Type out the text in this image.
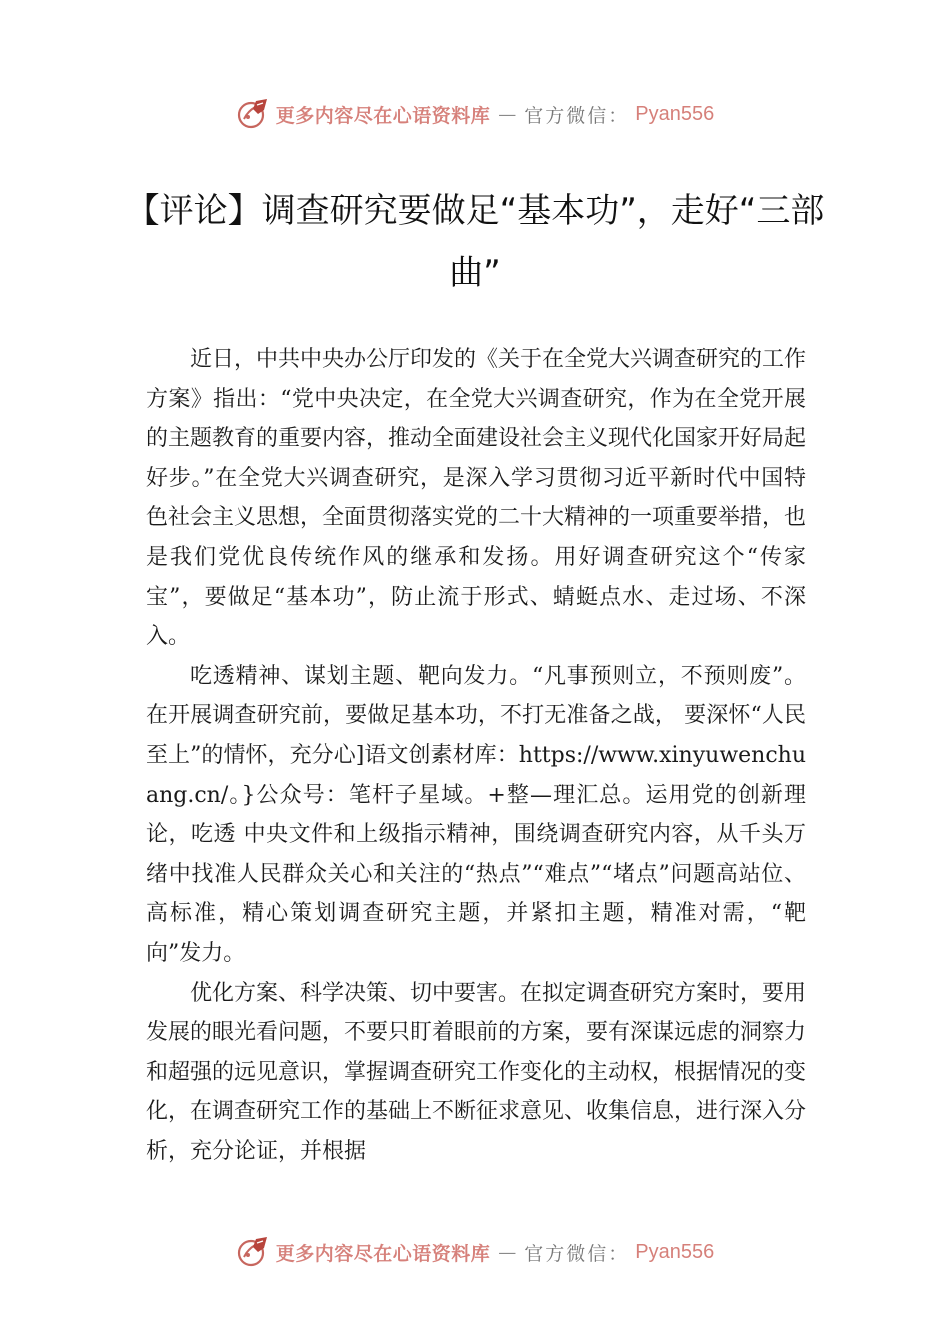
更多内容尽在心语资料库 — 官方微信： Pyan556
【评论】调查研究要做足“基本功”，走好“三部曲”

近日，中共中央办公厅印发的《关于在全党大兴调查研究的工作方案》指出：“党中央决定，在全党大兴调查研究，作为在全党开展的主题教育的重要内容，推动全面建设社会主义现代化国家开好局起好步。”在全党大兴调查研究，是深入学习贯彻习近平新时代中国特色社会主义思想，全面贯彻落实党的二十大精神的一项重要举措，也是我们党优良传统作风的继承和发扬。用好调查研究这个“传家宝”，要做足“基本功”，防止流于形式、蜻蜓点水、走过场、不深入。

吃透精神、谋划主题、靶向发力。“凡事预则立，不预则废”。在开展调查研究前，要做足基本功，不打无准备之战， 要深怀“人民至上”的情怀，充分心]语文创素材库：https://www.xinyuwenchuang.cn/。}公众号：笔杆子星域。+整—理汇总。运用党的创新理论，吃透 中央文件和上级指示精神，围绕调查研究内容，从千头万绪中找准人民群众关心和关注的“热点”“难点”“堵点”问题高站位、高标准，精心策划调查研究主题，并紧扣主题，精准对需，“靶向”发力。

优化方案、科学决策、切中要害。在拟定调查研究方案时，要用发展的眼光看问题，不要只盯着眼前的方案，要有深谋远虑的洞察力和超强的远见意识，掌握调查研究工作变化的主动权，根据情况的变化，在调查研究工作的基础上不断征求意见、收集信息，进行深入分析，充分论证，并根据

更多内容尽在心语资料库 — 官方微信： Pyan556
